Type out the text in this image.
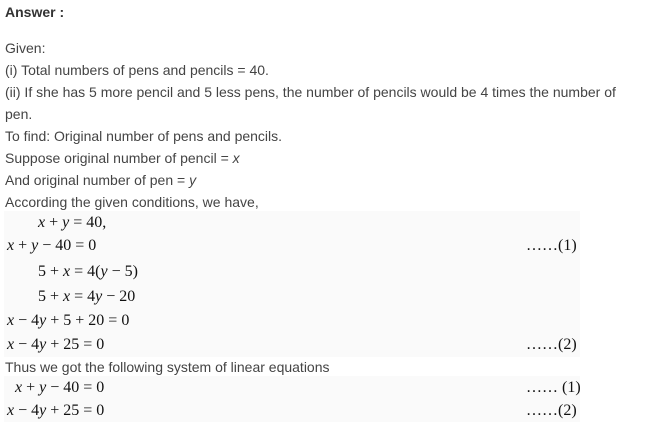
Answer :
Given:
(i) Total numbers of pens and pencils = 40.
(ii) If she has 5 more pencil and 5 less pens, the number of pencils would be 4 times the number of
pen.
To find: Original number of pens and pencils.
Suppose original number of pencil = x
And original number of pen = y
According the given conditions, we have,
x + y = 40,
x + y − 40 = 0	……(1)
5 + x = 4(y − 5)
5 + x = 4y − 20
x − 4y + 5 + 20 = 0
x − 4y + 25 = 0	……(2)
Thus we got the following system of linear equations
x + y − 40 = 0	…… (1)
x − 4y + 25 = 0	……(2)
